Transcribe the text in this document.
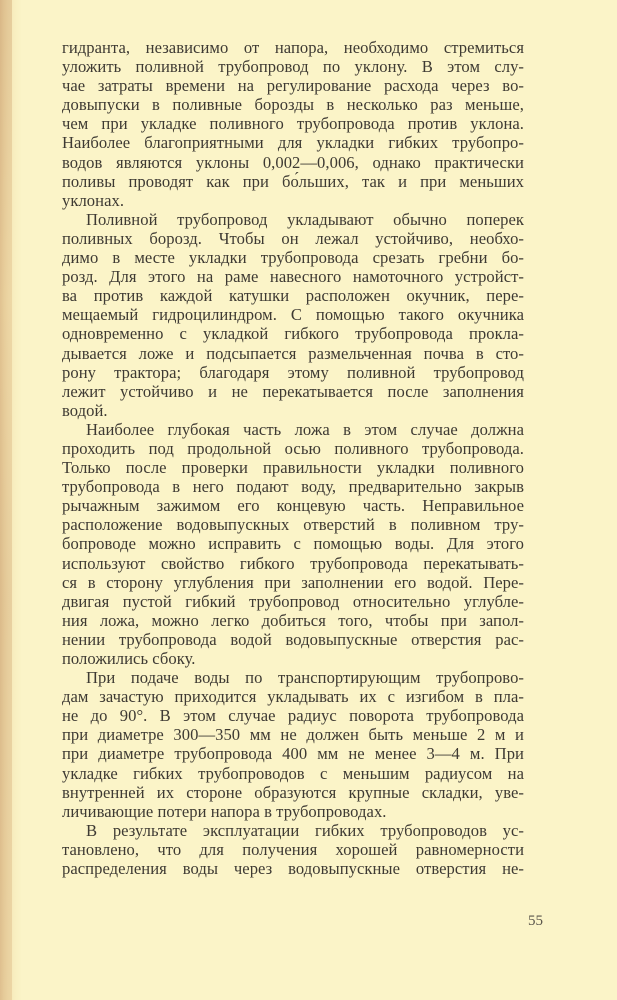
гидранта, независимо от напора, необходимо стремиться
уложить поливной трубопровод по уклону. В этом слу-
чае затраты времени на регулирование расхода через во-
довыпуски в поливные борозды в несколько раз меньше,
чем при укладке поливного трубопровода против уклона.
Наиболее благоприятными для укладки гибких трубопро-
водов являются уклоны 0,002—0,006, однако практически
поливы проводят как при бо́льших, так и при меньших
уклонах.
Поливной трубопровод укладывают обычно поперек
поливных борозд. Чтобы он лежал устойчиво, необхо-
димо в месте укладки трубопровода срезать гребни бо-
розд. Для этого на раме навесного намоточного устройст-
ва против каждой катушки расположен окучник, пере-
мещаемый гидроцилиндром. С помощью такого окучника
одновременно с укладкой гибкого трубопровода прокла-
дывается ложе и подсыпается размельченная почва в сто-
рону трактора; благодаря этому поливной трубопровод
лежит устойчиво и не перекатывается после заполнения
водой.
Наиболее глубокая часть ложа в этом случае должна
проходить под продольной осью поливного трубопровода.
Только после проверки правильности укладки поливного
трубопровода в него подают воду, предварительно закрыв
рычажным зажимом его концевую часть. Неправильное
расположение водовыпускных отверстий в поливном тру-
бопроводе можно исправить с помощью воды. Для этого
используют свойство гибкого трубопровода перекатывать-
ся в сторону углубления при заполнении его водой. Пере-
двигая пустой гибкий трубопровод относительно углубле-
ния ложа, можно легко добиться того, чтобы при запол-
нении трубопровода водой водовыпускные отверстия рас-
положились сбоку.
При подаче воды по транспортирующим трубопрово-
дам зачастую приходится укладывать их с изгибом в пла-
не до 90°. В этом случае радиус поворота трубопровода
при диаметре 300—350 мм не должен быть меньше 2 м и
при диаметре трубопровода 400 мм не менее 3—4 м. При
укладке гибких трубопроводов с меньшим радиусом на
внутренней их стороне образуются крупные складки, уве-
личивающие потери напора в трубопроводах.
В результате эксплуатации гибких трубопроводов ус-
тановлено, что для получения хорошей равномерности
распределения воды через водовыпускные отверстия не-
55
